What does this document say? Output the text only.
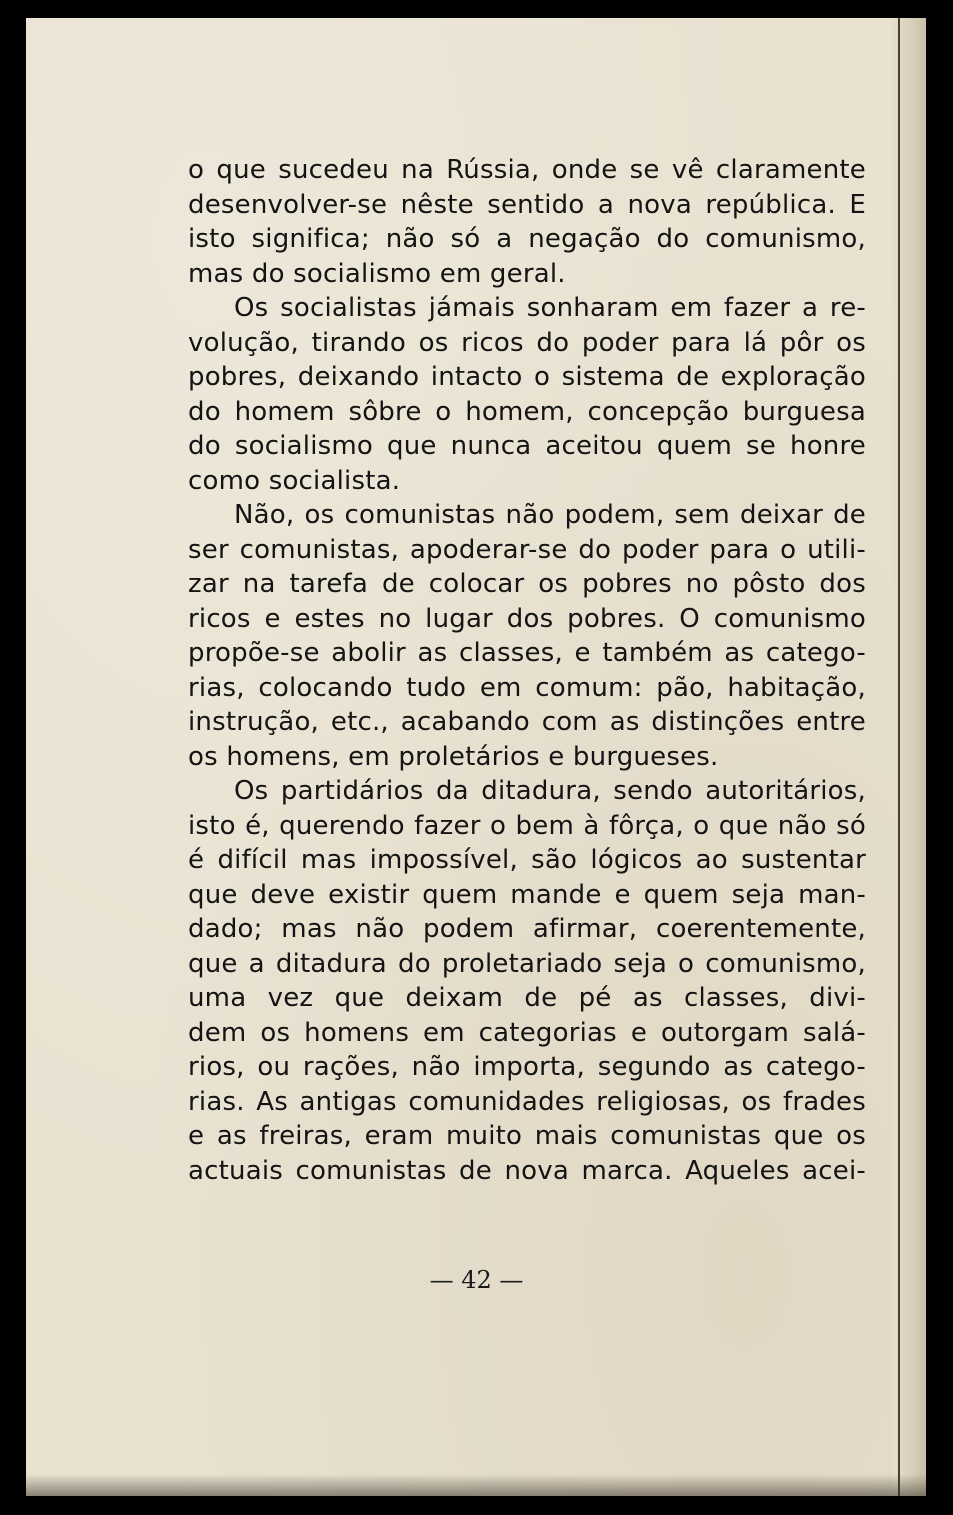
o que sucedeu na Rússia, onde se vê claramente
desenvolver-se nêste sentido a nova república. E
isto significa; não só a negação do comunismo,
mas do socialismo em geral.
Os socialistas jámais sonharam em fazer a re-
volução, tirando os ricos do poder para lá pôr os
pobres, deixando intacto o sistema de exploração
do homem sôbre o homem, concepção burguesa
do socialismo que nunca aceitou quem se honre
como socialista.
Não, os comunistas não podem, sem deixar de
ser comunistas, apoderar-se do poder para o utili-
zar na tarefa de colocar os pobres no pôsto dos
ricos e estes no lugar dos pobres. O comunismo
propõe-se abolir as classes, e também as catego-
rias, colocando tudo em comum: pão, habitação,
instrução, etc., acabando com as distinções entre
os homens, em proletários e burgueses.
Os partidários da ditadura, sendo autoritários,
isto é, querendo fazer o bem à fôrça, o que não só
é difícil mas impossível, são lógicos ao sustentar
que deve existir quem mande e quem seja man-
dado; mas não podem afirmar, coerentemente,
que a ditadura do proletariado seja o comunismo,
uma vez que deixam de pé as classes, divi-
dem os homens em categorias e outorgam salá-
rios, ou rações, não importa, segundo as catego-
rias. As antigas comunidades religiosas, os frades
e as freiras, eram muito mais comunistas que os
actuais comunistas de nova marca. Aqueles acei-
— 42 —
